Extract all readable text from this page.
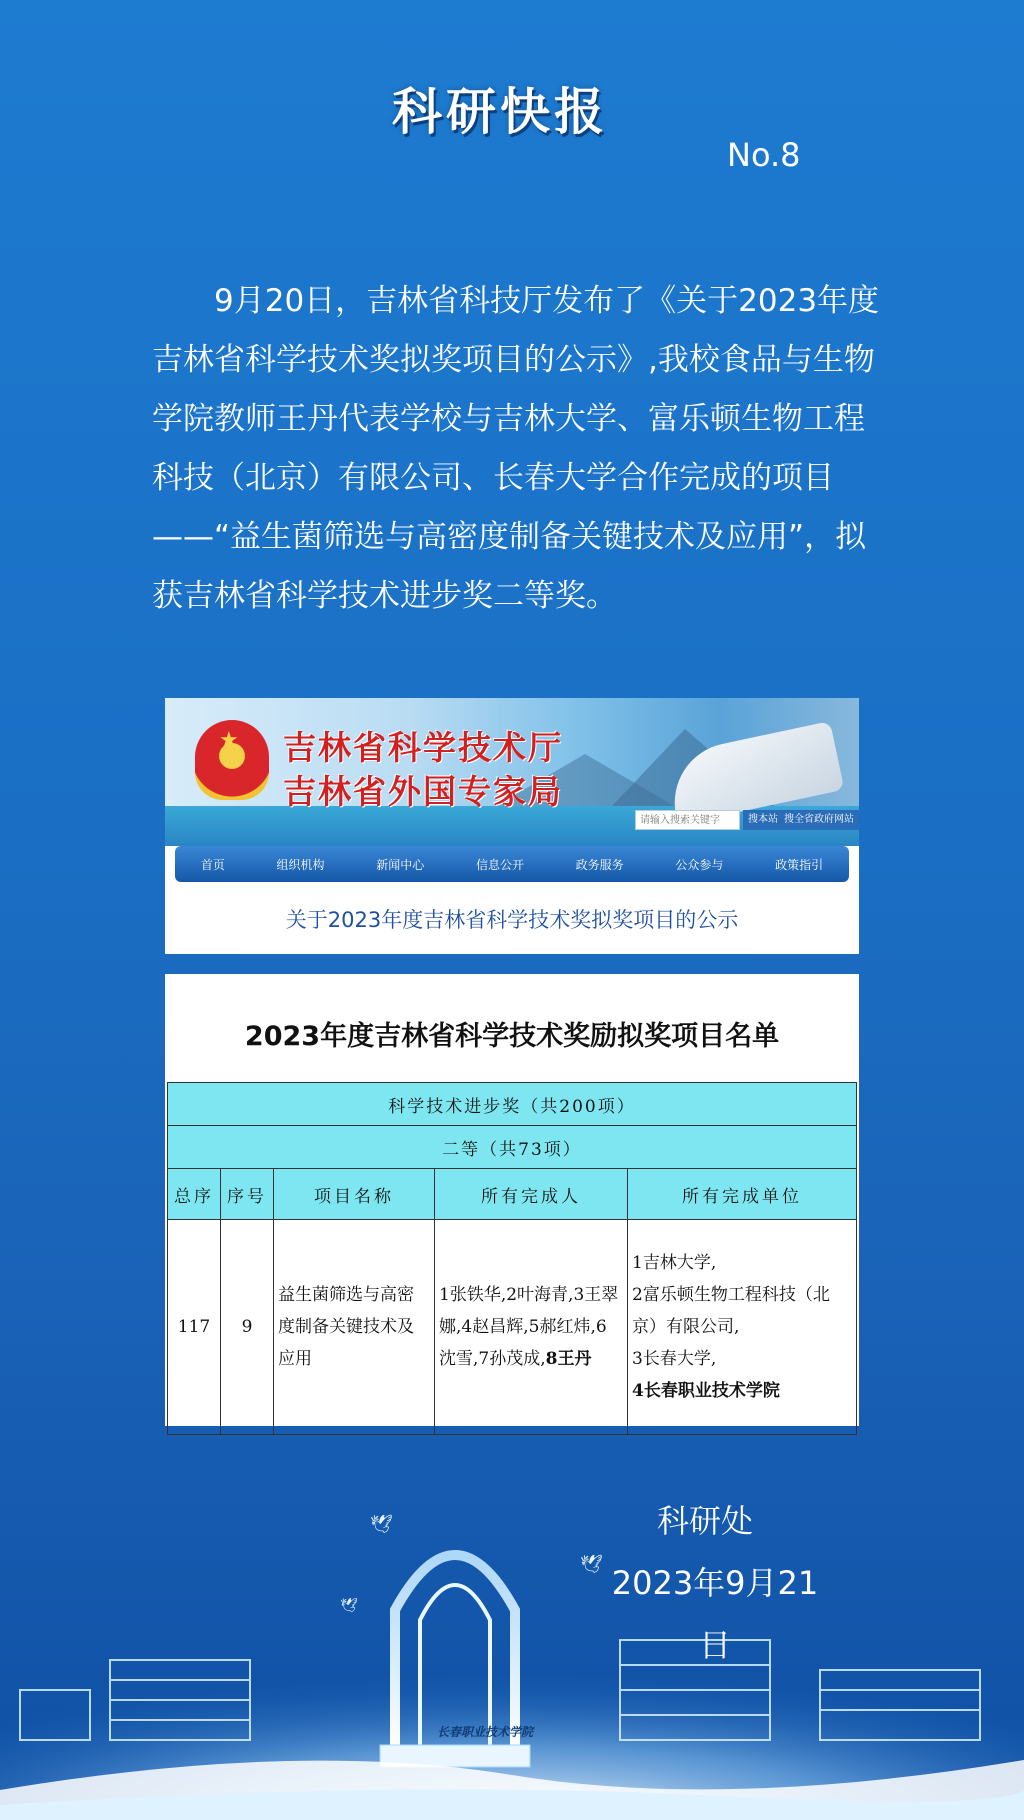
科研快报
No.8
9月20日，吉林省科技厅发布了《关于2023年度吉林省科学技术奖拟奖项目的公示》,我校食品与生物学院教师王丹代表学校与吉林大学、富乐顿生物工程科技（北京）有限公司、长春大学合作完成的项目——“益生菌筛选与高密度制备关键技术及应用”，拟获吉林省科学技术进步奖二等奖。
★ 吉林省科学技术厅
吉林省外国专家局
请输入搜索关键字	搜本站 搜全省政府网站
首页	组织机构	新闻中心	信息公开	政务服务	公众参与	政策指引
关于2023年度吉林省科学技术奖拟奖项目的公示
2023年度吉林省科学技术奖励拟奖项目名单
科学技术进步奖（共200项）				
二等（共73项）				
总序	序号	项目名称	所有完成人	所有完成单位
117	9	益生菌筛选与高密度制备关键技术及应用	1张铁华,2叶海青,3王翠娜,4赵昌辉,5郝红炜,6沈雪,7孙茂成,8王丹	1吉林大学,
2富乐顿生物工程科技（北京）有限公司,
3长春大学,
4长春职业技术学院
科研处
2023年9月21
🕊
🕊
🕊
长春职业技术学院
